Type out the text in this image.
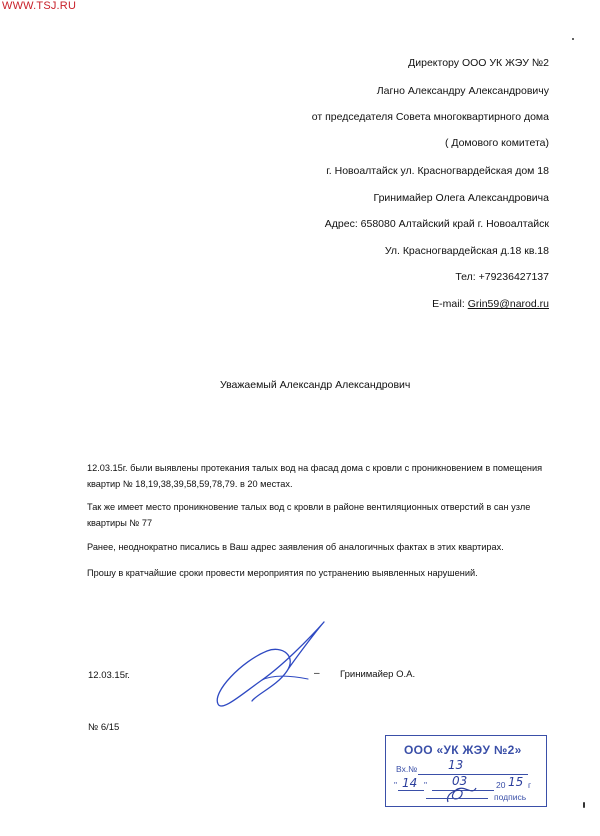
WWW.TSJ.RU
Директору ООО УК ЖЭУ №2
Лагно Александру Александровичу
от председателя Совета многоквартирного дома
( Домового комитета)
г. Новоалтайск ул. Красногвардейская дом 18
Гринимайер Олега Александровича
Адрес: 658080 Алтайский край г. Новоалтайск
Ул. Красногвардейская д.18 кв.18
Тел: +79236427137
E-mail: Grin59@narod.ru
Уважаемый Александр Александрович
12.03.15г. были выявлены протекания талых вод на фасад дома с кровли с проникновением в помещения квартир № 18,19,38,39,58,59,78,79. в 20 местах.
Так же имеет место проникновение талых вод с кровли в районе вентиляционных отверстий в сан узле квартиры № 77
Ранее, неоднократно писались в Ваш адрес заявления об аналогичных фактах в этих квартирах.
Прошу в кратчайшие сроки провести мероприятия по устранению выявленных нарушений.
12.03.15г.	– Гринимайер О.А.
№ 6/15
ООО «УК ЖЭУ №2»
Вх.№	13
" 14 " 03	20 15 г
подпись
